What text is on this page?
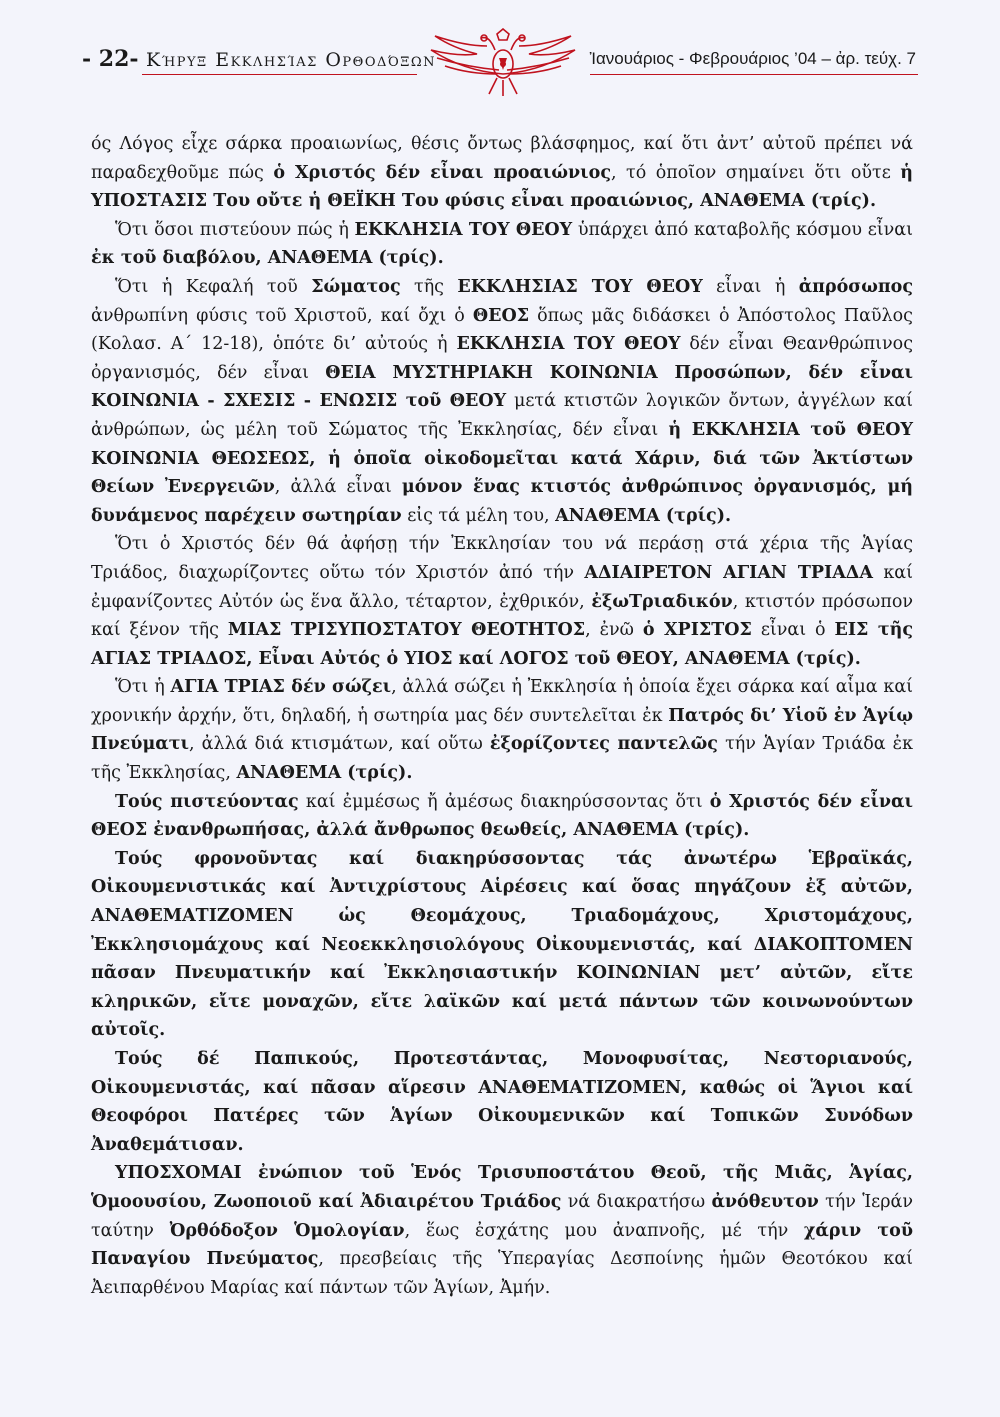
- 22- Κήρυξ Εκκλησίας Ορθοδόξων	Ἰανουάριος - Φεβρουάριος ’04 – ἀρ. τεύχ. 7

ός Λόγος εἶχε σάρκα προαιωνίως, θέσις ὄντως βλάσφημος, καί ὅτι ἀντ’ αὐτοῦ πρέπει νά παραδεχθοῦμε πώς ὁ Χριστός δέν εἶναι προαιώνιος, τό ὁποῖον σημαίνει ὅτι οὔτε ἡ ΥΠΟΣΤΑΣΙΣ Του οὔτε ἡ ΘΕΪΚΗ Του φύσις εἶναι προαιώνιος, ΑΝΑΘΕΜΑ (τρίς).

Ὅτι ὅσοι πιστεύουν πώς ἡ ΕΚΚΛΗΣΙΑ ΤΟΥ ΘΕΟΥ ὑπάρχει ἀπό καταβολῆς κόσμου εἶναι ἐκ τοῦ διαβόλου, ΑΝΑΘΕΜΑ (τρίς).

Ὅτι ἡ Κεφαλή τοῦ Σώματος τῆς ΕΚΚΛΗΣΙΑΣ ΤΟΥ ΘΕΟΥ εἶναι ἡ ἀπρόσωπος ἀνθρωπίνη φύσις τοῦ Χριστοῦ, καί ὄχι ὁ ΘΕΟΣ ὅπως μᾶς διδάσκει ὁ Ἀπόστολος Παῦλος (Κολασ. Α΄ 12-18), ὁπότε δι’ αὐτούς ἡ ΕΚΚΛΗΣΙΑ ΤΟΥ ΘΕΟΥ δέν εἶναι Θεανθρώπινος ὀργανισμός, δέν εἶναι ΘΕΙΑ ΜΥΣΤΗΡΙΑΚΗ ΚΟΙΝΩΝΙΑ Προσώπων, δέν εἶναι ΚΟΙΝΩΝΙΑ - ΣΧΕΣΙΣ - ΕΝΩΣΙΣ τοῦ ΘΕΟΥ μετά κτιστῶν λογικῶν ὄντων, ἀγγέλων καί ἀνθρώπων, ὡς μέλη τοῦ Σώματος τῆς Ἐκκλησίας, δέν εἶναι ἡ ΕΚΚΛΗΣΙΑ τοῦ ΘΕΟΥ ΚΟΙΝΩΝΙΑ ΘΕΩΣΕΩΣ, ἡ ὁποῖα οἰκοδομεῖται κατά Χάριν, διά τῶν Ἀκτίστων Θείων Ἐνεργειῶν, ἀλλά εἶναι μόνον ἕνας κτιστός ἀνθρώπινος ὀργανισμός, μή δυνάμενος παρέχειν σωτηρίαν εἰς τά μέλη του, ΑΝΑΘΕΜΑ (τρίς).

Ὅτι ὁ Χριστός δέν θά ἀφήσῃ τήν Ἐκκλησίαν του νά περάσῃ στά χέρια τῆς Ἁγίας Τριάδος, διαχωρίζοντες οὕτω τόν Χριστόν ἀπό τήν ΑΔΙΑΙΡΕΤΟΝ ΑΓΙΑΝ ΤΡΙΑΔΑ καί ἐμφανίζοντες Αὐτόν ὡς ἕνα ἄλλο, τέταρτον, ἐχθρικόν, ἐξωΤριαδικόν, κτιστόν πρόσωπον καί ξένον τῆς ΜΙΑΣ ΤΡΙΣΥΠΟΣΤΑΤΟΥ ΘΕΟΤΗΤΟΣ, ἐνῶ ὁ ΧΡΙΣΤΟΣ εἶναι ὁ ΕΙΣ τῆς ΑΓΙΑΣ ΤΡΙΑΔΟΣ, Εἶναι Αὐτός ὁ ΥΙΟΣ καί ΛΟΓΟΣ τοῦ ΘΕΟΥ, ΑΝΑΘΕΜΑ (τρίς).

Ὅτι ἡ ΑΓΙΑ ΤΡΙΑΣ δέν σώζει, ἀλλά σώζει ἡ Ἐκκλησία ἡ ὁποία ἔχει σάρκα καί αἷμα καί χρονικήν ἀρχήν, ὅτι, δηλαδή, ἡ σωτηρία μας δέν συντελεῖται ἐκ Πατρός δι’ Υἱοῦ ἐν Ἁγίῳ Πνεύματι, ἀλλά διά κτισμάτων, καί οὕτω ἐξορίζοντες παντελῶς τήν Ἁγίαν Τριάδα ἐκ τῆς Ἐκκλησίας, ΑΝΑΘΕΜΑ (τρίς).

Τούς πιστεύοντας καί ἐμμέσως ἤ ἀμέσως διακηρύσσοντας ὅτι ὁ Χριστός δέν εἶναι ΘΕΟΣ ἐνανθρωπήσας, ἀλλά ἄνθρωπος θεωθείς, ΑΝΑΘΕΜΑ (τρίς).

Τούς φρονοῦντας καί διακηρύσσοντας τάς ἀνωτέρω Ἑβραϊκάς, Οἰκουμενιστικάς καί Ἀντιχρίστους Αἱρέσεις καί ὅσας πηγάζουν ἐξ αὐτῶν, ΑΝΑΘΕΜΑΤΙΖΟΜΕΝ ὡς Θεομάχους, Τριαδομάχους, Χριστομάχους, Ἐκκλησιομάχους καί Νεοεκκλησιολόγους Οἰκουμενιστάς, καί ΔΙΑΚΟΠΤΟΜΕΝ πᾶσαν Πνευματικήν καί Ἐκκλησιαστικήν ΚΟΙΝΩΝΙΑΝ μετ’ αὐτῶν, εἴτε κληρικῶν, εἴτε μοναχῶν, εἴτε λαϊκῶν καί μετά πάντων τῶν κοινωνούντων αὐτοῖς.

Τούς δέ Παπικούς, Προτεστάντας, Μονοφυσίτας, Νεστοριανούς, Οἰκουμενιστάς, καί πᾶσαν αἵρεσιν ΑΝΑΘΕΜΑΤΙΖΟΜΕΝ, καθώς οἱ Ἅγιοι καί Θεοφόροι Πατέρες τῶν Ἁγίων Οἰκουμενικῶν καί Τοπικῶν Συνόδων Ἀναθεμάτισαν.

ΥΠΟΣΧΟΜΑΙ ἐνώπιον τοῦ Ἑνός Τρισυποστάτου Θεοῦ, τῆς Μιᾶς, Ἁγίας, Ὁμοουσίου, Ζωοποιοῦ καί Ἀδιαιρέτου Τριάδος νά διακρατήσω ἀνόθευτον τήν Ἱεράν ταύτην Ὀρθόδοξον Ὁμολογίαν, ἕως ἐσχάτης μου ἀναπνοῆς, μέ τήν χάριν τοῦ Παναγίου Πνεύματος, πρεσβείαις τῆς Ὑπεραγίας Δεσποίνης ἡμῶν Θεοτόκου καί Ἀειπαρθένου Μαρίας καί πάντων τῶν Ἁγίων, Ἀμήν.
